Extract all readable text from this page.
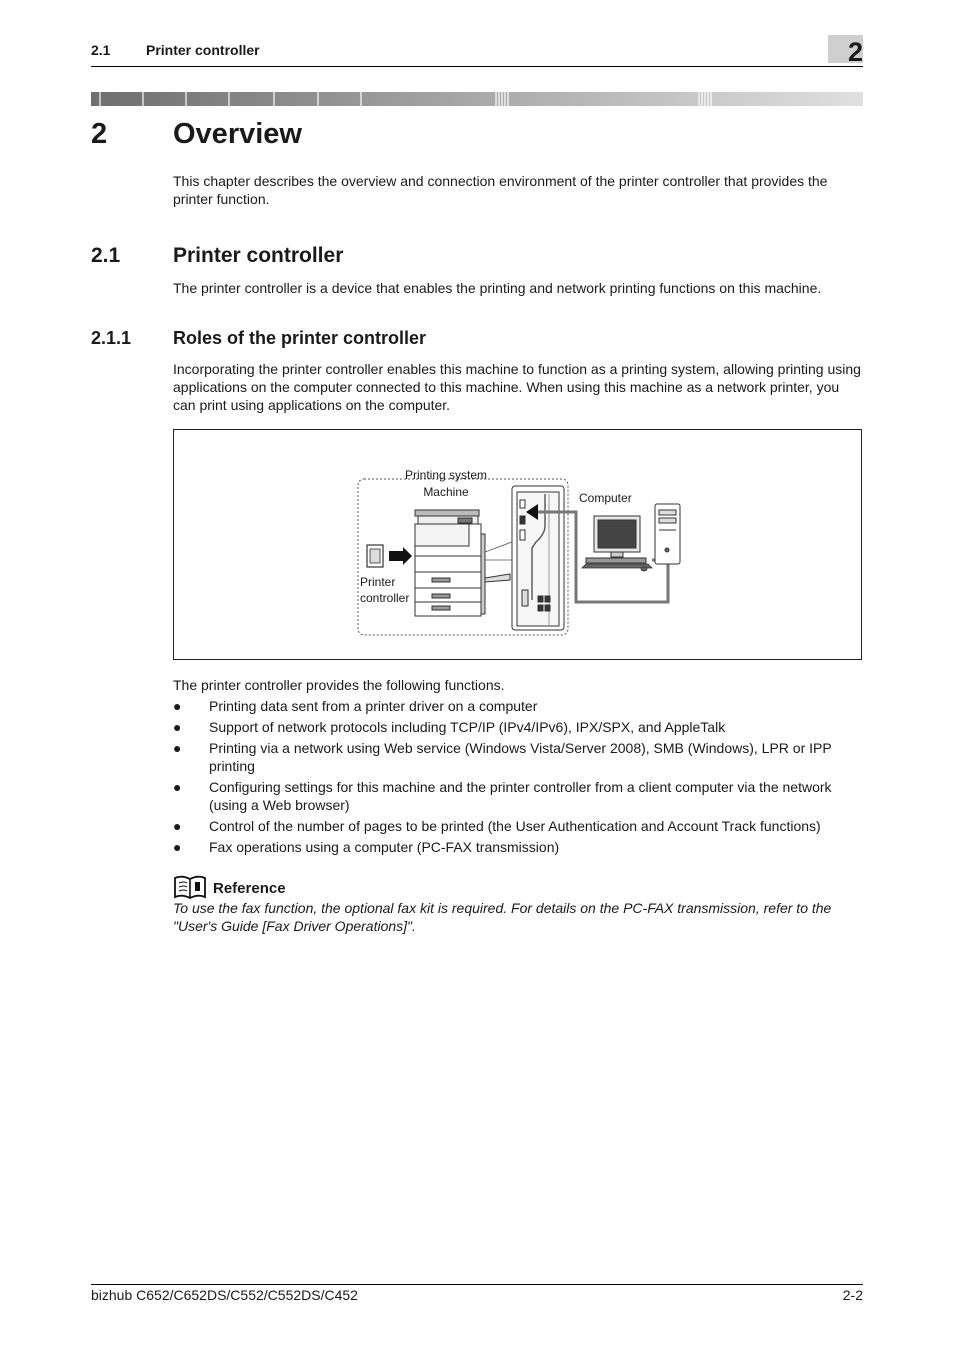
2.1	Printer controller	2
2 Overview

This chapter describes the overview and connection environment of the printer controller that provides the printer function.

2.1	Printer controller

The printer controller is a device that enables the printing and network printing functions on this machine.

2.1.1 Roles of the printer controller

Incorporating the printer controller enables this machine to function as a printing system, allowing printing using applications on the computer connected to this machine. When using this machine as a network printer, you can print using applications on the computer.

Printing system
Machine	Computer
Printer
controller

The printer controller provides the following functions.

● Printing data sent from a printer driver on a computer
● Support of network protocols including TCP/IP (IPv4/IPv6), IPX/SPX, and AppleTalk
● Printing via a network using Web service (Windows Vista/Server 2008), SMB (Windows), LPR or IPP printing
● Configuring settings for this machine and the printer controller from a client computer via the network (using a Web browser)
● Control of the number of pages to be printed (the User Authentication and Account Track functions)
● Fax operations using a computer (PC-FAX transmission)
Reference

To use the fax function, the optional fax kit is required. For details on the PC-FAX transmission, refer to the "User's Guide [Fax Driver Operations]".

bizhub C652/C652DS/C552/C552DS/C452	2-2
